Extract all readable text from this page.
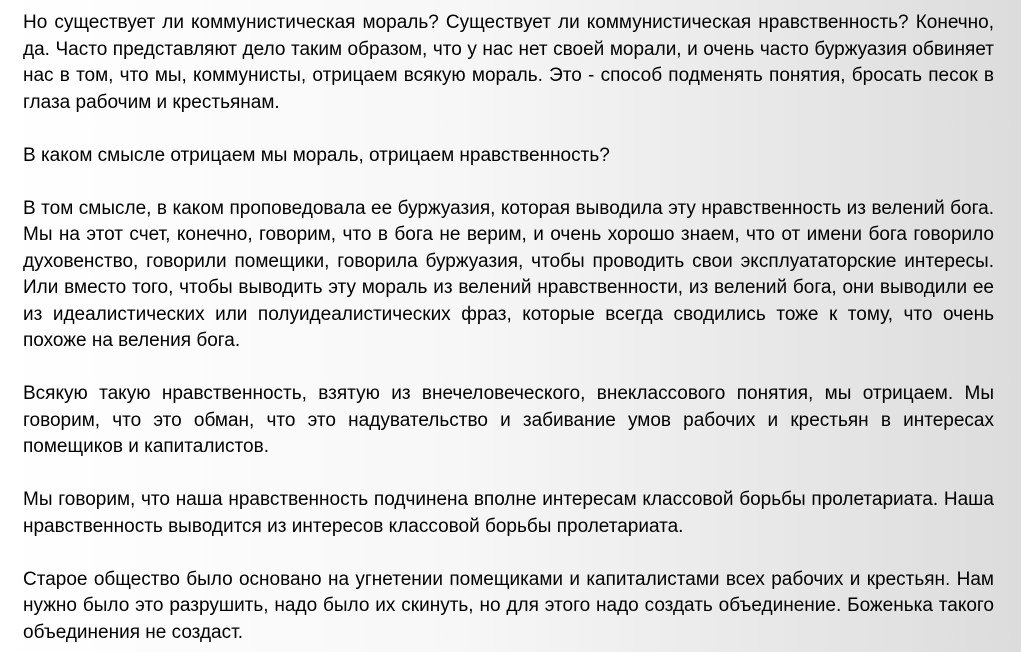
Но существует ли коммунистическая мораль? Существует ли коммунистическая нравственность? Конечно, да. Часто представляют дело таким образом, что у нас нет своей морали, и очень часто буржуазия обвиняет нас в том, что мы, коммунисты, отрицаем всякую мораль. Это - способ подменять понятия, бросать песок в глаза рабочим и крестьянам.

В каком смысле отрицаем мы мораль, отрицаем нравственность?

В том смысле, в каком проповедовала ее буржуазия, которая выводила эту нравственность из велений бога. Мы на этот счет, конечно, говорим, что в бога не верим, и очень хорошо знаем, что от имени бога говорило духовенство, говорили помещики, говорила буржуазия, чтобы проводить свои эксплуататорские интересы. Или вместо того, чтобы выводить эту мораль из велений нравственности, из велений бога, они выводили ее из идеалистических или полуидеалистических фраз, которые всегда сводились тоже к тому, что очень похоже на веления бога.

Всякую такую нравственность, взятую из внечеловеческого, внеклассового понятия, мы отрицаем. Мы говорим, что это обман, что это надувательство и забивание умов рабочих и крестьян в интересах помещиков и капиталистов.

Мы говорим, что наша нравственность подчинена вполне интересам классовой борьбы пролетариата. Наша нравственность выводится из интересов классовой борьбы пролетариата.

Старое общество было основано на угнетении помещиками и капиталистами всех рабочих и крестьян. Нам нужно было это разрушить, надо было их скинуть, но для этого надо создать объединение. Боженька такого объединения не создаст.
